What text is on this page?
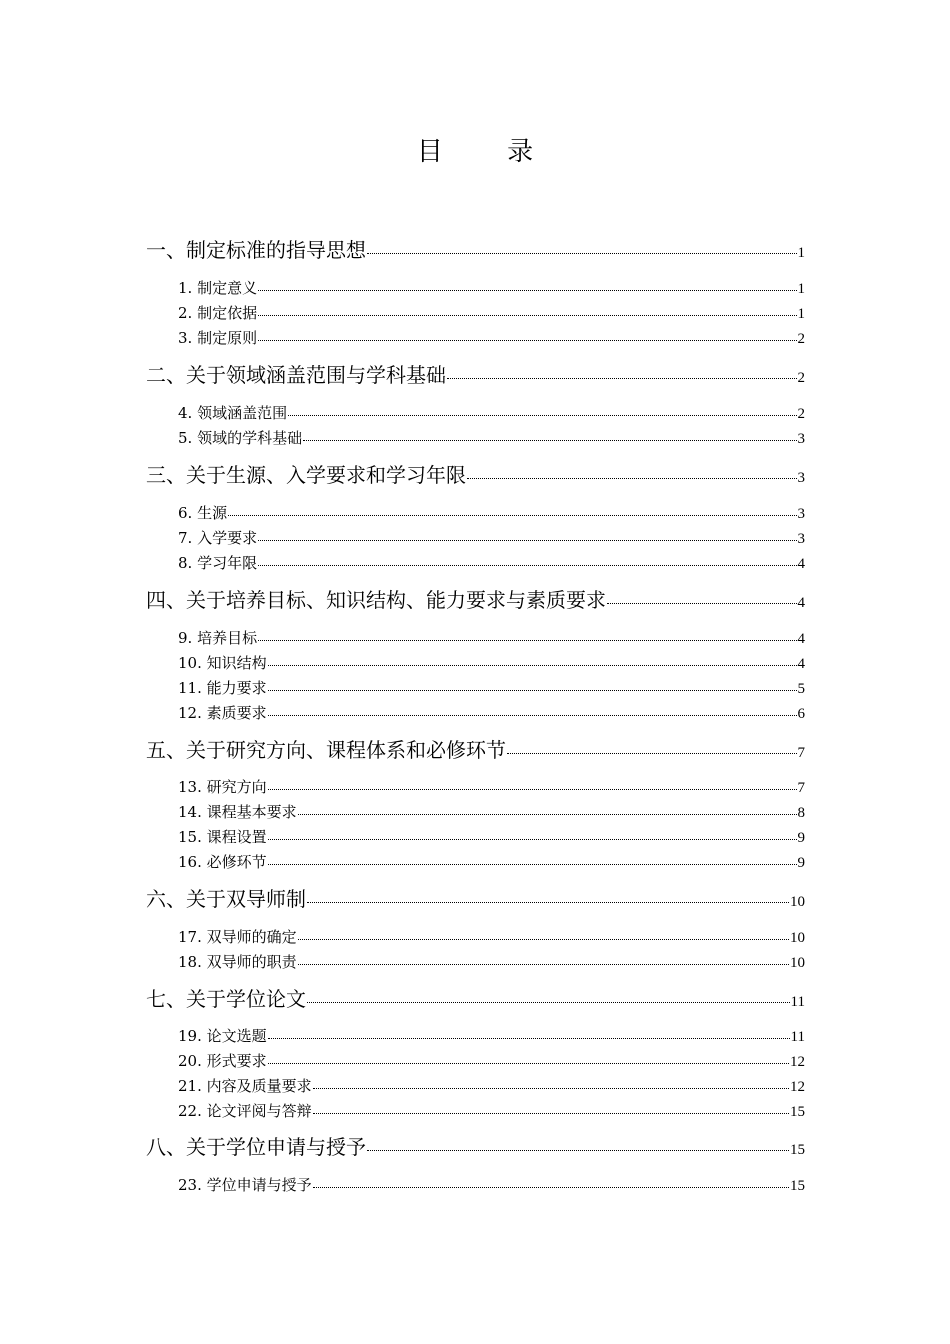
目 录
一、制定标准的指导思想	1
1. 制定意义	1
2. 制定依据	1
3. 制定原则	2
二、关于领域涵盖范围与学科基础	2
4. 领域涵盖范围	2
5. 领域的学科基础	3
三、关于生源、入学要求和学习年限	3
6. 生源	3
7. 入学要求	3
8. 学习年限	4
四、关于培养目标、知识结构、能力要求与素质要求	4
9. 培养目标	4
10. 知识结构	4
11. 能力要求	5
12. 素质要求	6
五、关于研究方向、课程体系和必修环节	7
13. 研究方向	7
14. 课程基本要求	8
15. 课程设置	9
16. 必修环节	9
六、关于双导师制	10
17. 双导师的确定	10
18. 双导师的职责	10
七、关于学位论文	11
19. 论文选题	11
20. 形式要求	12
21. 内容及质量要求	12
22. 论文评阅与答辩	15
八、关于学位申请与授予	15
23. 学位申请与授予	15
